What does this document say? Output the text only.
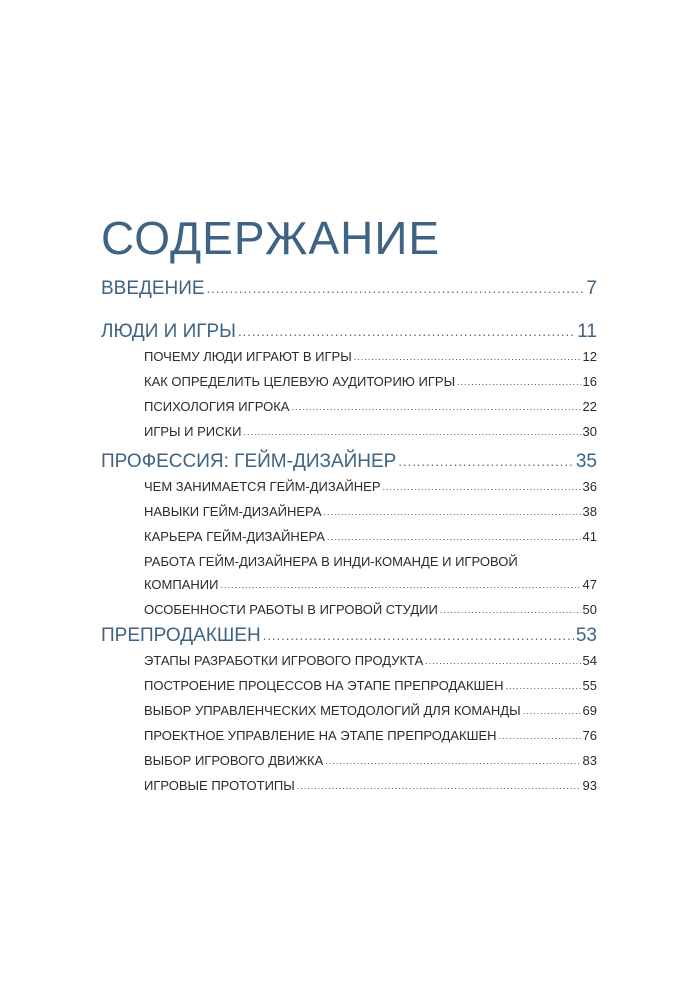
СОДЕРЖАНИЕ
ВВЕДЕНИЕ .....	7
ЛЮДИ И ИГРЫ .....	11
ПОЧЕМУ ЛЮДИ ИГРАЮТ В ИГРЫ .....	12
КАК ОПРЕДЕЛИТЬ ЦЕЛЕВУЮ АУДИТОРИЮ ИГРЫ .....	16
ПСИХОЛОГИЯ ИГРОКА .....	22
ИГРЫ И РИСКИ .....	30
ПРОФЕССИЯ: ГЕЙМ-ДИЗАЙНЕР .....	35
ЧЕМ ЗАНИМАЕТСЯ ГЕЙМ-ДИЗАЙНЕР .....	36
НАВЫКИ ГЕЙМ-ДИЗАЙНЕРА .....	38
КАРЬЕРА ГЕЙМ-ДИЗАЙНЕРА .....	41
РАБОТА ГЕЙМ-ДИЗАЙНЕРА В ИНДИ-КОМАНДЕ И ИГРОВОЙ
КОМПАНИИ .....	47
ОСОБЕННОСТИ РАБОТЫ В ИГРОВОЙ СТУДИИ .....	50
ПРЕПРОДАКШЕН .....	53
ЭТАПЫ РАЗРАБОТКИ ИГРОВОГО ПРОДУКТА .....	54
ПОСТРОЕНИЕ ПРОЦЕССОВ НА ЭТАПЕ ПРЕПРОДАКШЕН .....	55
ВЫБОР УПРАВЛЕНЧЕСКИХ МЕТОДОЛОГИЙ ДЛЯ КОМАНДЫ .....	69
ПРОЕКТНОЕ УПРАВЛЕНИЕ НА ЭТАПЕ ПРЕПРОДАКШЕН .....	76
ВЫБОР ИГРОВОГО ДВИЖКА .....	83
ИГРОВЫЕ ПРОТОТИПЫ .....	93
